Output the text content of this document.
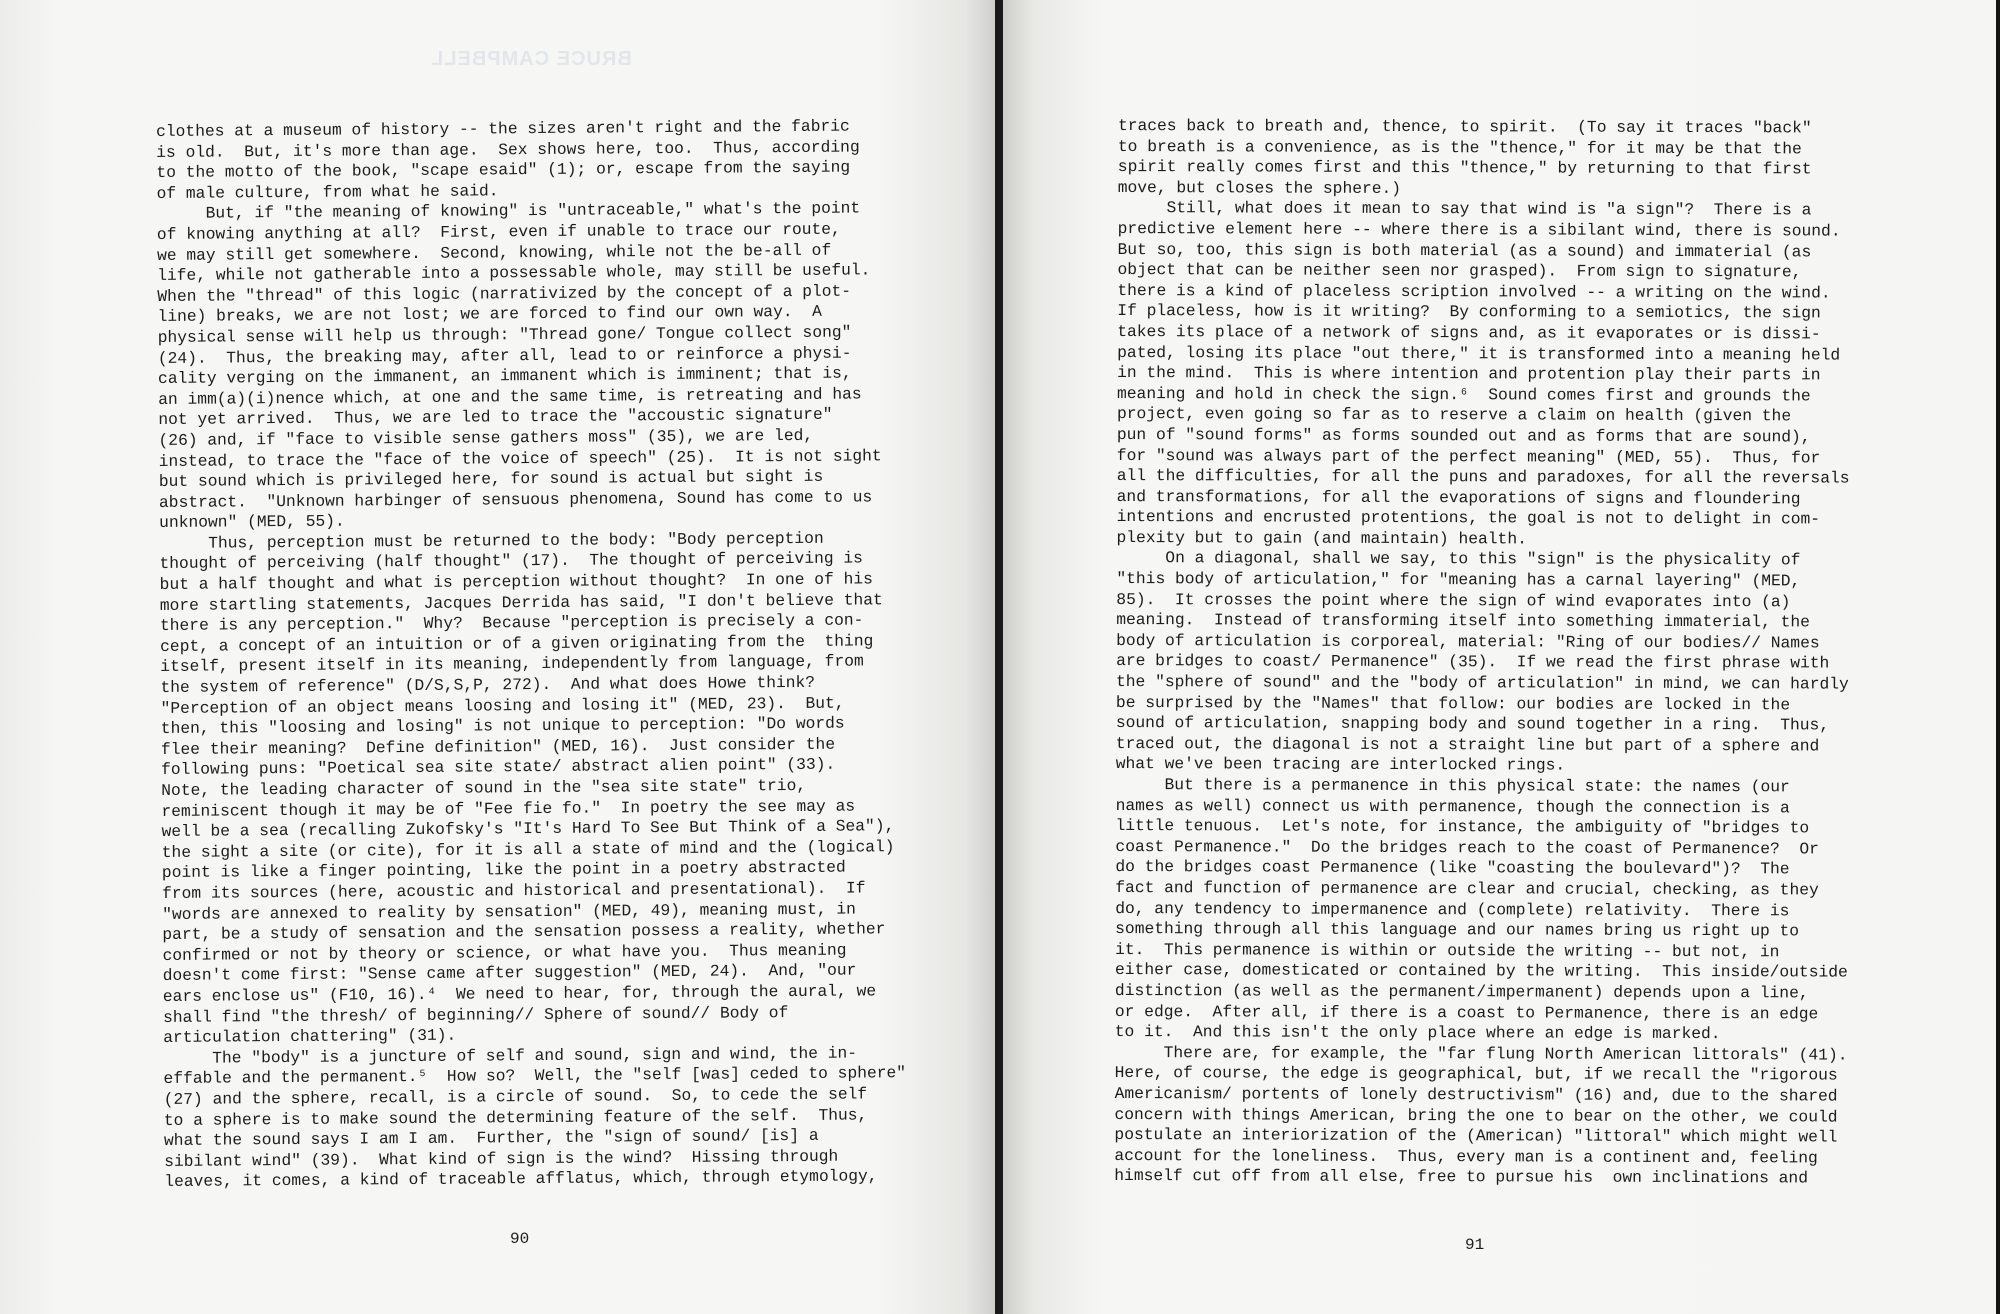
BRUCE CAMPBELL
clothes at a museum of history -- the sizes aren't right and the fabric
is old.  But, it's more than age.  Sex shows here, too.  Thus, according
to the motto of the book, "scape esaid" (1); or, escape from the saying
of male culture, from what he said.
But, if "the meaning of knowing" is "untraceable," what's the point
of knowing anything at all?  First, even if unable to trace our route,
we may still get somewhere.  Second, knowing, while not the be-all of
life, while not gatherable into a possessable whole, may still be useful.
When the "thread" of this logic (narrativized by the concept of a plot-
line) breaks, we are not lost; we are forced to find our own way.  A
physical sense will help us through: "Thread gone/ Tongue collect song"
(24).  Thus, the breaking may, after all, lead to or reinforce a physi-
cality verging on the immanent, an immanent which is imminent; that is,
an imm(a)(i)nence which, at one and the same time, is retreating and has
not yet arrived.  Thus, we are led to trace the "accoustic signature"
(26) and, if "face to visible sense gathers moss" (35), we are led,
instead, to trace the "face of the voice of speech" (25).  It is not sight
but sound which is privileged here, for sound is actual but sight is
abstract.  "Unknown harbinger of sensuous phenomena, Sound has come to us
unknown" (MED, 55).
Thus, perception must be returned to the body: "Body perception
thought of perceiving (half thought" (17).  The thought of perceiving is
but a half thought and what is perception without thought?  In one of his
more startling statements, Jacques Derrida has said, "I don't believe that
there is any perception."  Why?  Because "perception is precisely a con-
cept, a concept of an intuition or of a given originating from the  thing
itself, present itself in its meaning, independently from language, from
the system of reference" (D/S,S,P, 272).  And what does Howe think?
"Perception of an object means loosing and losing it" (MED, 23).  But,
then, this "loosing and losing" is not unique to perception: "Do words
flee their meaning?  Define definition" (MED, 16).  Just consider the
following puns: "Poetical sea site state/ abstract alien point" (33).
Note, the leading character of sound in the "sea site state" trio,
reminiscent though it may be of "Fee fie fo."  In poetry the see may as
well be a sea (recalling Zukofsky's "It's Hard To See But Think of a Sea"),
the sight a site (or cite), for it is all a state of mind and the (logical)
point is like a finger pointing, like the point in a poetry abstracted
from its sources (here, acoustic and historical and presentational).  If
"words are annexed to reality by sensation" (MED, 49), meaning must, in
part, be a study of sensation and the sensation possess a reality, whether
confirmed or not by theory or science, or what have you.  Thus meaning
doesn't come first: "Sense came after suggestion" (MED, 24).  And, "our
ears enclose us" (F10, 16).⁴  We need to hear, for, through the aural, we
shall find "the thresh/ of beginning// Sphere of sound// Body of
articulation chattering" (31).
The "body" is a juncture of self and sound, sign and wind, the in-
effable and the permanent.⁵  How so?  Well, the "self [was] ceded to sphere"
(27) and the sphere, recall, is a circle of sound.  So, to cede the self
to a sphere is to make sound the determining feature of the self.  Thus,
what the sound says I am I am.  Further, the "sign of sound/ [is] a
sibilant wind" (39).  What kind of sign is the wind?  Hissing through
leaves, it comes, a kind of traceable afflatus, which, through etymology,
90
traces back to breath and, thence, to spirit.  (To say it traces "back"
to breath is a convenience, as is the "thence," for it may be that the
spirit really comes first and this "thence," by returning to that first
move, but closes the sphere.)
Still, what does it mean to say that wind is "a sign"?  There is a
predictive element here -- where there is a sibilant wind, there is sound.
But so, too, this sign is both material (as a sound) and immaterial (as
object that can be neither seen nor grasped).  From sign to signature,
there is a kind of placeless scription involved -- a writing on the wind.
If placeless, how is it writing?  By conforming to a semiotics, the sign
takes its place of a network of signs and, as it evaporates or is dissi-
pated, losing its place "out there," it is transformed into a meaning held
in the mind.  This is where intention and protention play their parts in
meaning and hold in check the sign.⁶  Sound comes first and grounds the
project, even going so far as to reserve a claim on health (given the
pun of "sound forms" as forms sounded out and as forms that are sound),
for "sound was always part of the perfect meaning" (MED, 55).  Thus, for
all the difficulties, for all the puns and paradoxes, for all the reversals
and transformations, for all the evaporations of signs and floundering
intentions and encrusted protentions, the goal is not to delight in com-
plexity but to gain (and maintain) health.
On a diagonal, shall we say, to this "sign" is the physicality of
"this body of articulation," for "meaning has a carnal layering" (MED,
85).  It crosses the point where the sign of wind evaporates into (a)
meaning.  Instead of transforming itself into something immaterial, the
body of articulation is corporeal, material: "Ring of our bodies// Names
are bridges to coast/ Permanence" (35).  If we read the first phrase with
the "sphere of sound" and the "body of articulation" in mind, we can hardly
be surprised by the "Names" that follow: our bodies are locked in the
sound of articulation, snapping body and sound together in a ring.  Thus,
traced out, the diagonal is not a straight line but part of a sphere and
what we've been tracing are interlocked rings.
But there is a permanence in this physical state: the names (our
names as well) connect us with permanence, though the connection is a
little tenuous.  Let's note, for instance, the ambiguity of "bridges to
coast Permanence."  Do the bridges reach to the coast of Permanence?  Or
do the bridges coast Permanence (like "coasting the boulevard")?  The
fact and function of permanence are clear and crucial, checking, as they
do, any tendency to impermanence and (complete) relativity.  There is
something through all this language and our names bring us right up to
it.  This permanence is within or outside the writing -- but not, in
either case, domesticated or contained by the writing.  This inside/outside
distinction (as well as the permanent/impermanent) depends upon a line,
or edge.  After all, if there is a coast to Permanence, there is an edge
to it.  And this isn't the only place where an edge is marked.
There are, for example, the "far flung North American littorals" (41).
Here, of course, the edge is geographical, but, if we recall the "rigorous
Americanism/ portents of lonely destructivism" (16) and, due to the shared
concern with things American, bring the one to bear on the other, we could
postulate an interiorization of the (American) "littoral" which might well
account for the loneliness.  Thus, every man is a continent and, feeling
himself cut off from all else, free to pursue his  own inclinations and
91
